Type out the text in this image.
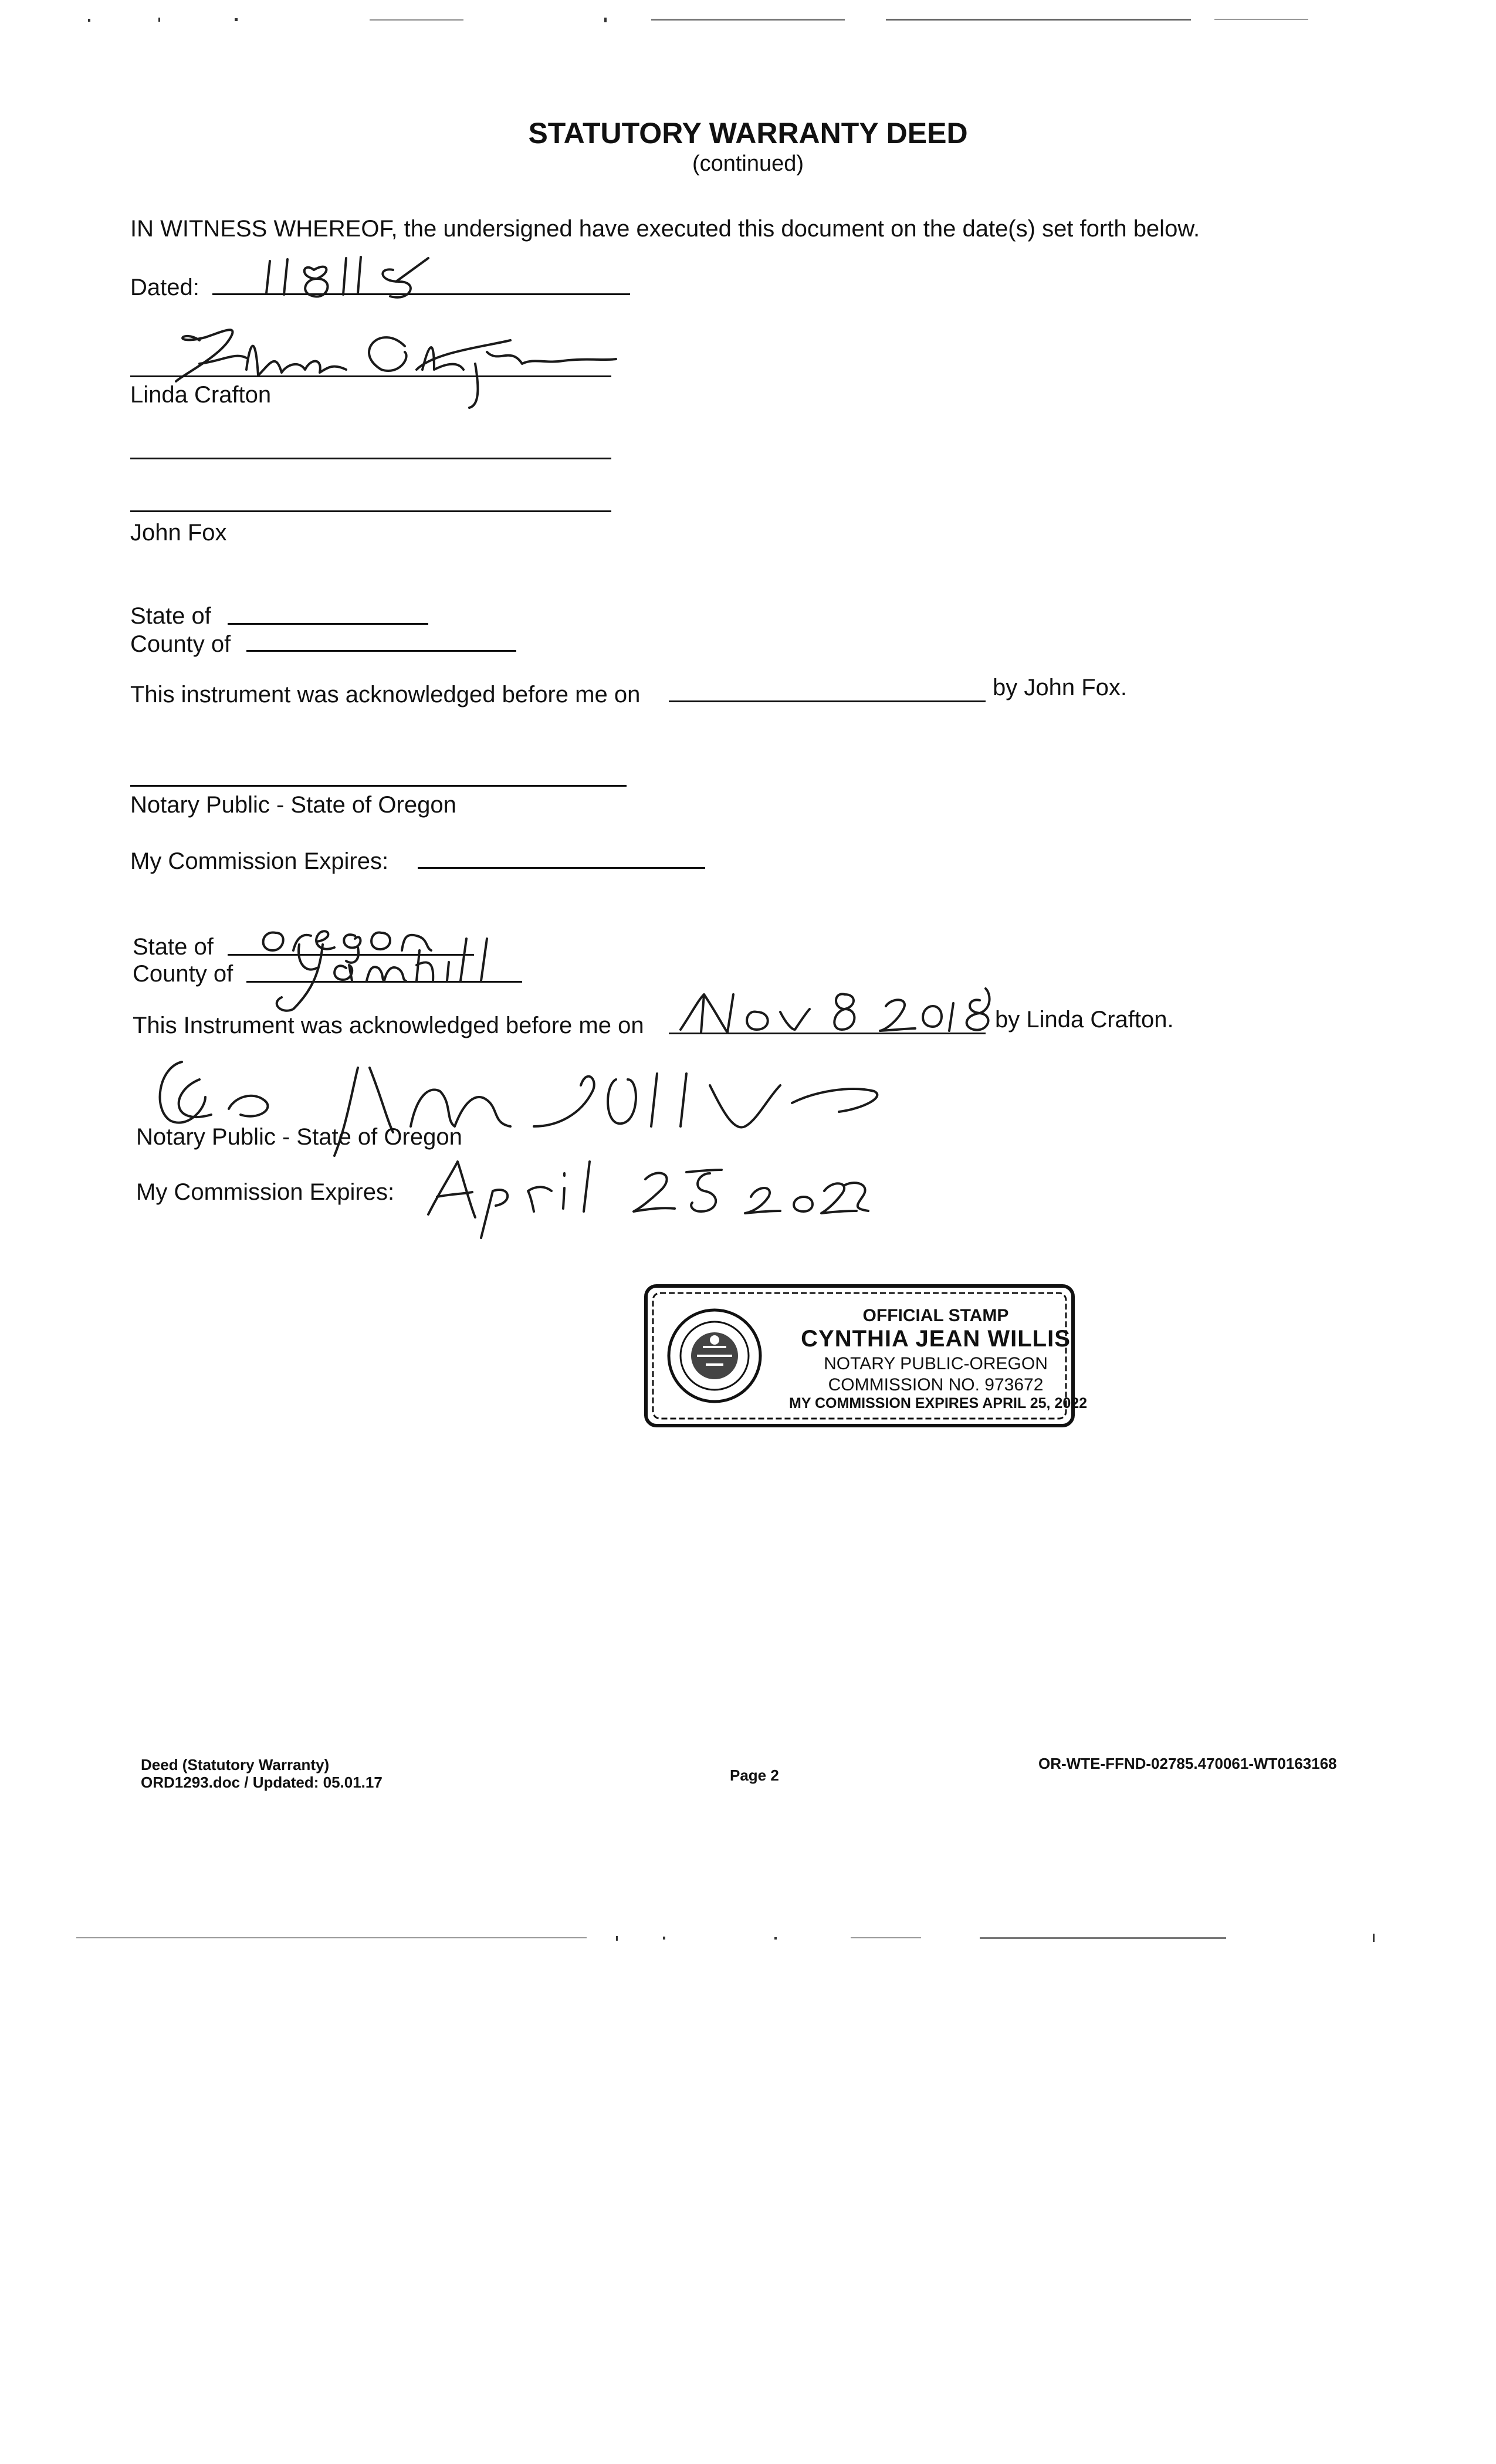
STATUTORY WARRANTY DEED
(continued)
IN WITNESS WHEREOF, the undersigned have executed this document on the date(s) set forth below.
Dated:
Linda Crafton
John Fox
State of
County of
This instrument was acknowledged before me on	by John Fox.
Notary Public - State of Oregon
My Commission Expires:
State of
County of
This Instrument was acknowledged before me on	by Linda Crafton.
Notary Public - State of Oregon
My Commission Expires:
OFFICIAL STAMP
CYNTHIA JEAN WILLIS
NOTARY PUBLIC-OREGON
COMMISSION NO. 973672
MY COMMISSION EXPIRES APRIL 25, 2022
Deed (Statutory Warranty)
ORD1293.doc / Updated: 05.01.17	Page 2
OR-WTE-FFND-02785.470061-WT0163168
